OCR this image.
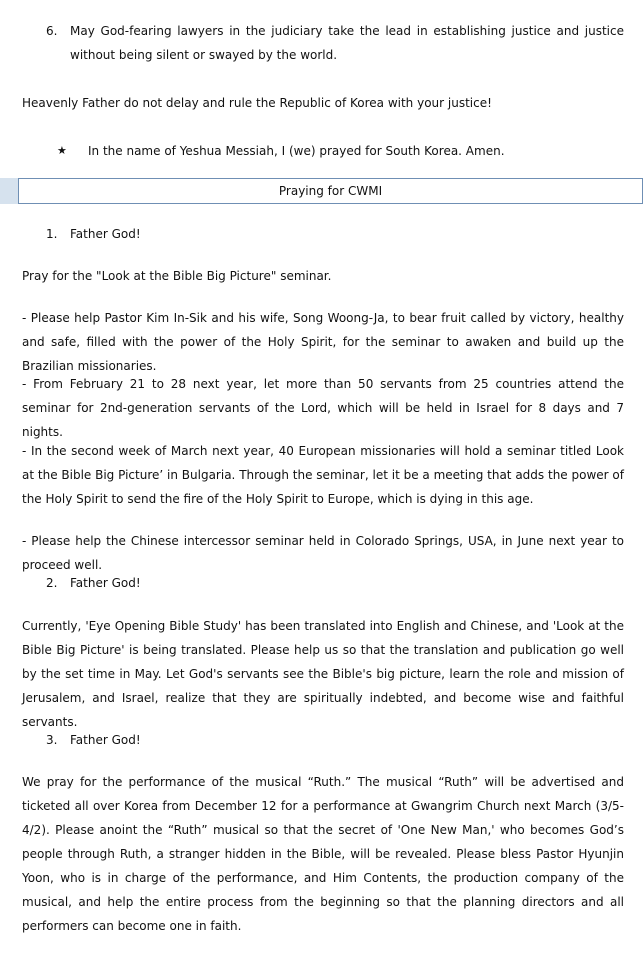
6.	May God-fearing lawyers in the judiciary take the lead in establishing justice and justice without being silent or swayed by the world.

Heavenly Father do not delay and rule the Republic of Korea with your justice!

★ In the name of Yeshua Messiah, I (we) prayed for South Korea. Amen.
Praying for CWMI
1.	Father God!

Pray for the "Look at the Bible Big Picture" seminar.

- Please help Pastor Kim In-Sik and his wife, Song Woong-Ja, to bear fruit called by victory, healthy and safe, filled with the power of the Holy Spirit, for the seminar to awaken and build up the Brazilian missionaries.

- From February 21 to 28 next year, let more than 50 servants from 25 countries attend the seminar for 2nd-generation servants of the Lord, which will be held in Israel for 8 days and 7 nights.

- In the second week of March next year, 40 European missionaries will hold a seminar titled Look at the Bible Big Picture’ in Bulgaria. Through the seminar, let it be a meeting that adds the power of the Holy Spirit to send the fire of the Holy Spirit to Europe, which is dying in this age.

- Please help the Chinese intercessor seminar held in Colorado Springs, USA, in June next year to proceed well.

2.	Father God!

Currently, 'Eye Opening Bible Study' has been translated into English and Chinese, and 'Look at the Bible Big Picture' is being translated. Please help us so that the translation and publication go well by the set time in May. Let God's servants see the Bible's big picture, learn the role and mission of Jerusalem, and Israel, realize that they are spiritually indebted, and become wise and faithful servants.

3.	Father God!

We pray for the performance of the musical “Ruth.” The musical “Ruth” will be advertised and ticketed all over Korea from December 12 for a performance at Gwangrim Church next March (3/5-4/2). Please anoint the “Ruth” musical so that the secret of 'One New Man,' who becomes God’s people through Ruth, a stranger hidden in the Bible, will be revealed. Please bless Pastor Hyunjin Yoon, who is in charge of the performance, and Him Contents, the production company of the musical, and help the entire process from the beginning so that the planning directors and all performers can become one in faith.
